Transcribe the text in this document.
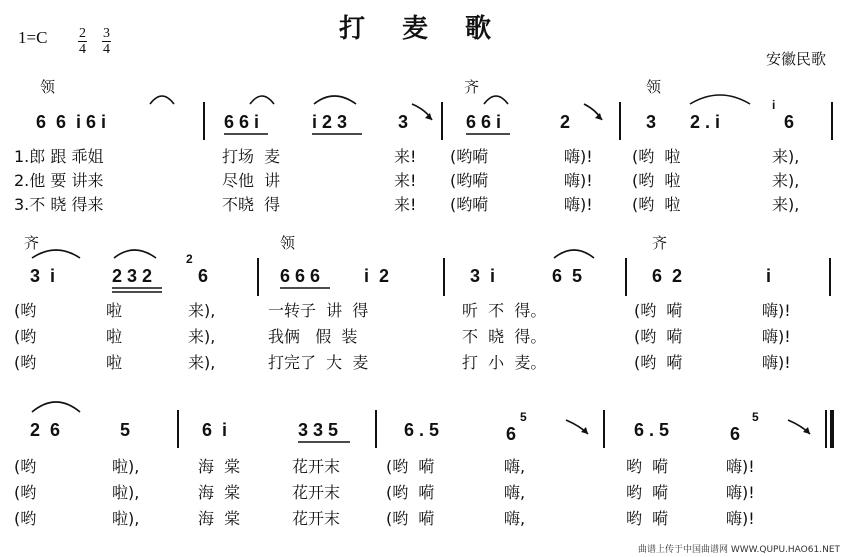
打 麦 歌
$1=C \frac{2}{4} \frac{3}{4}$
安徽民歌
领	齐	领
6  6  i 6 i	6 6 i	i 2 3	3	6 6 i	2	3 2 . i
i
6
1.郎 跟 乖姐	打场  麦	来! (哟嗬	嗨)! (哟  啦	来),
2.他 要 讲来	尽他  讲	来! (哟嗬	嗨)! (哟  啦	来),
3.不 晓 得来	不晓  得	来! (哟嗬	嗨)! (哟  啦	来),
齐	领	齐
3  i	2 3 2
2
6	6 6 6 i  2	3  i	6  5	6  2	i
(哟	啦	来),	一转子  讲  得	听  不  得。	(哟  嗬	嗨)!
(哟	啦	来),	我俩   假  装	不  晓  得。	(哟  嗬	嗨)!
(哟	啦	来),	打完了  大  麦	打  小  麦。	(哟  嗬	嗨)!
2  6	5	6  i	3 3 5	6 . 5	6
5
6 . 5	6
5
(哟	啦),	海  棠	花开末	(哟  嗬	嗨,	哟  嗬	嗨)!
(哟	啦),	海  棠	花开末	(哟  嗬	嗨,	哟  嗬	嗨)!
(哟	啦),	海  棠	花开末	(哟  嗬	嗨,	哟  嗬	嗨)!
曲谱上传于中国曲谱网 WWW.QUPU.HAO61.NET
